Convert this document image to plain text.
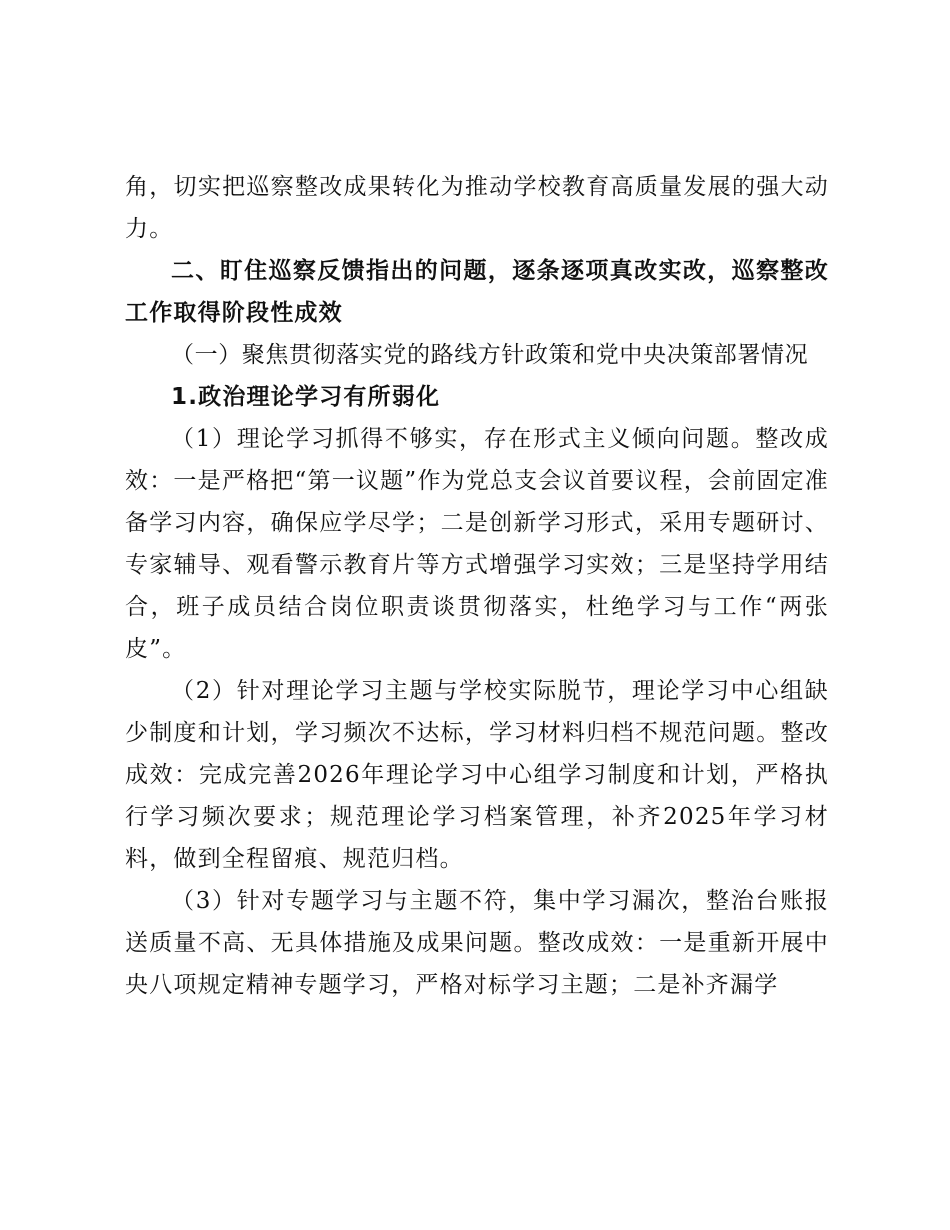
角，切实把巡察整改成果转化为推动学校教育高质量发展的强大动力。

二、盯住巡察反馈指出的问题，逐条逐项真改实改，巡察整改工作取得阶段性成效

（一）聚焦贯彻落实党的路线方针政策和党中央决策部署情况

1.政治理论学习有所弱化

（1）理论学习抓得不够实，存在形式主义倾向问题。整改成效：一是严格把“第一议题”作为党总支会议首要议程，会前固定准备学习内容，确保应学尽学；二是创新学习形式，采用专题研讨、专家辅导、观看警示教育片等方式增强学习实效；三是坚持学用结合，班子成员结合岗位职责谈贯彻落实，杜绝学习与工作“两张皮”。

（2）针对理论学习主题与学校实际脱节，理论学习中心组缺少制度和计划，学习频次不达标，学习材料归档不规范问题。整改成效：完成完善2026年理论学习中心组学习制度和计划，严格执行学习频次要求；规范理论学习档案管理，补齐2025年学习材料，做到全程留痕、规范归档。

（3）针对专题学习与主题不符，集中学习漏次，整治台账报送质量不高、无具体措施及成果问题。整改成效：一是重新开展中央八项规定精神专题学习，严格对标学习主题；二是补齐漏学
